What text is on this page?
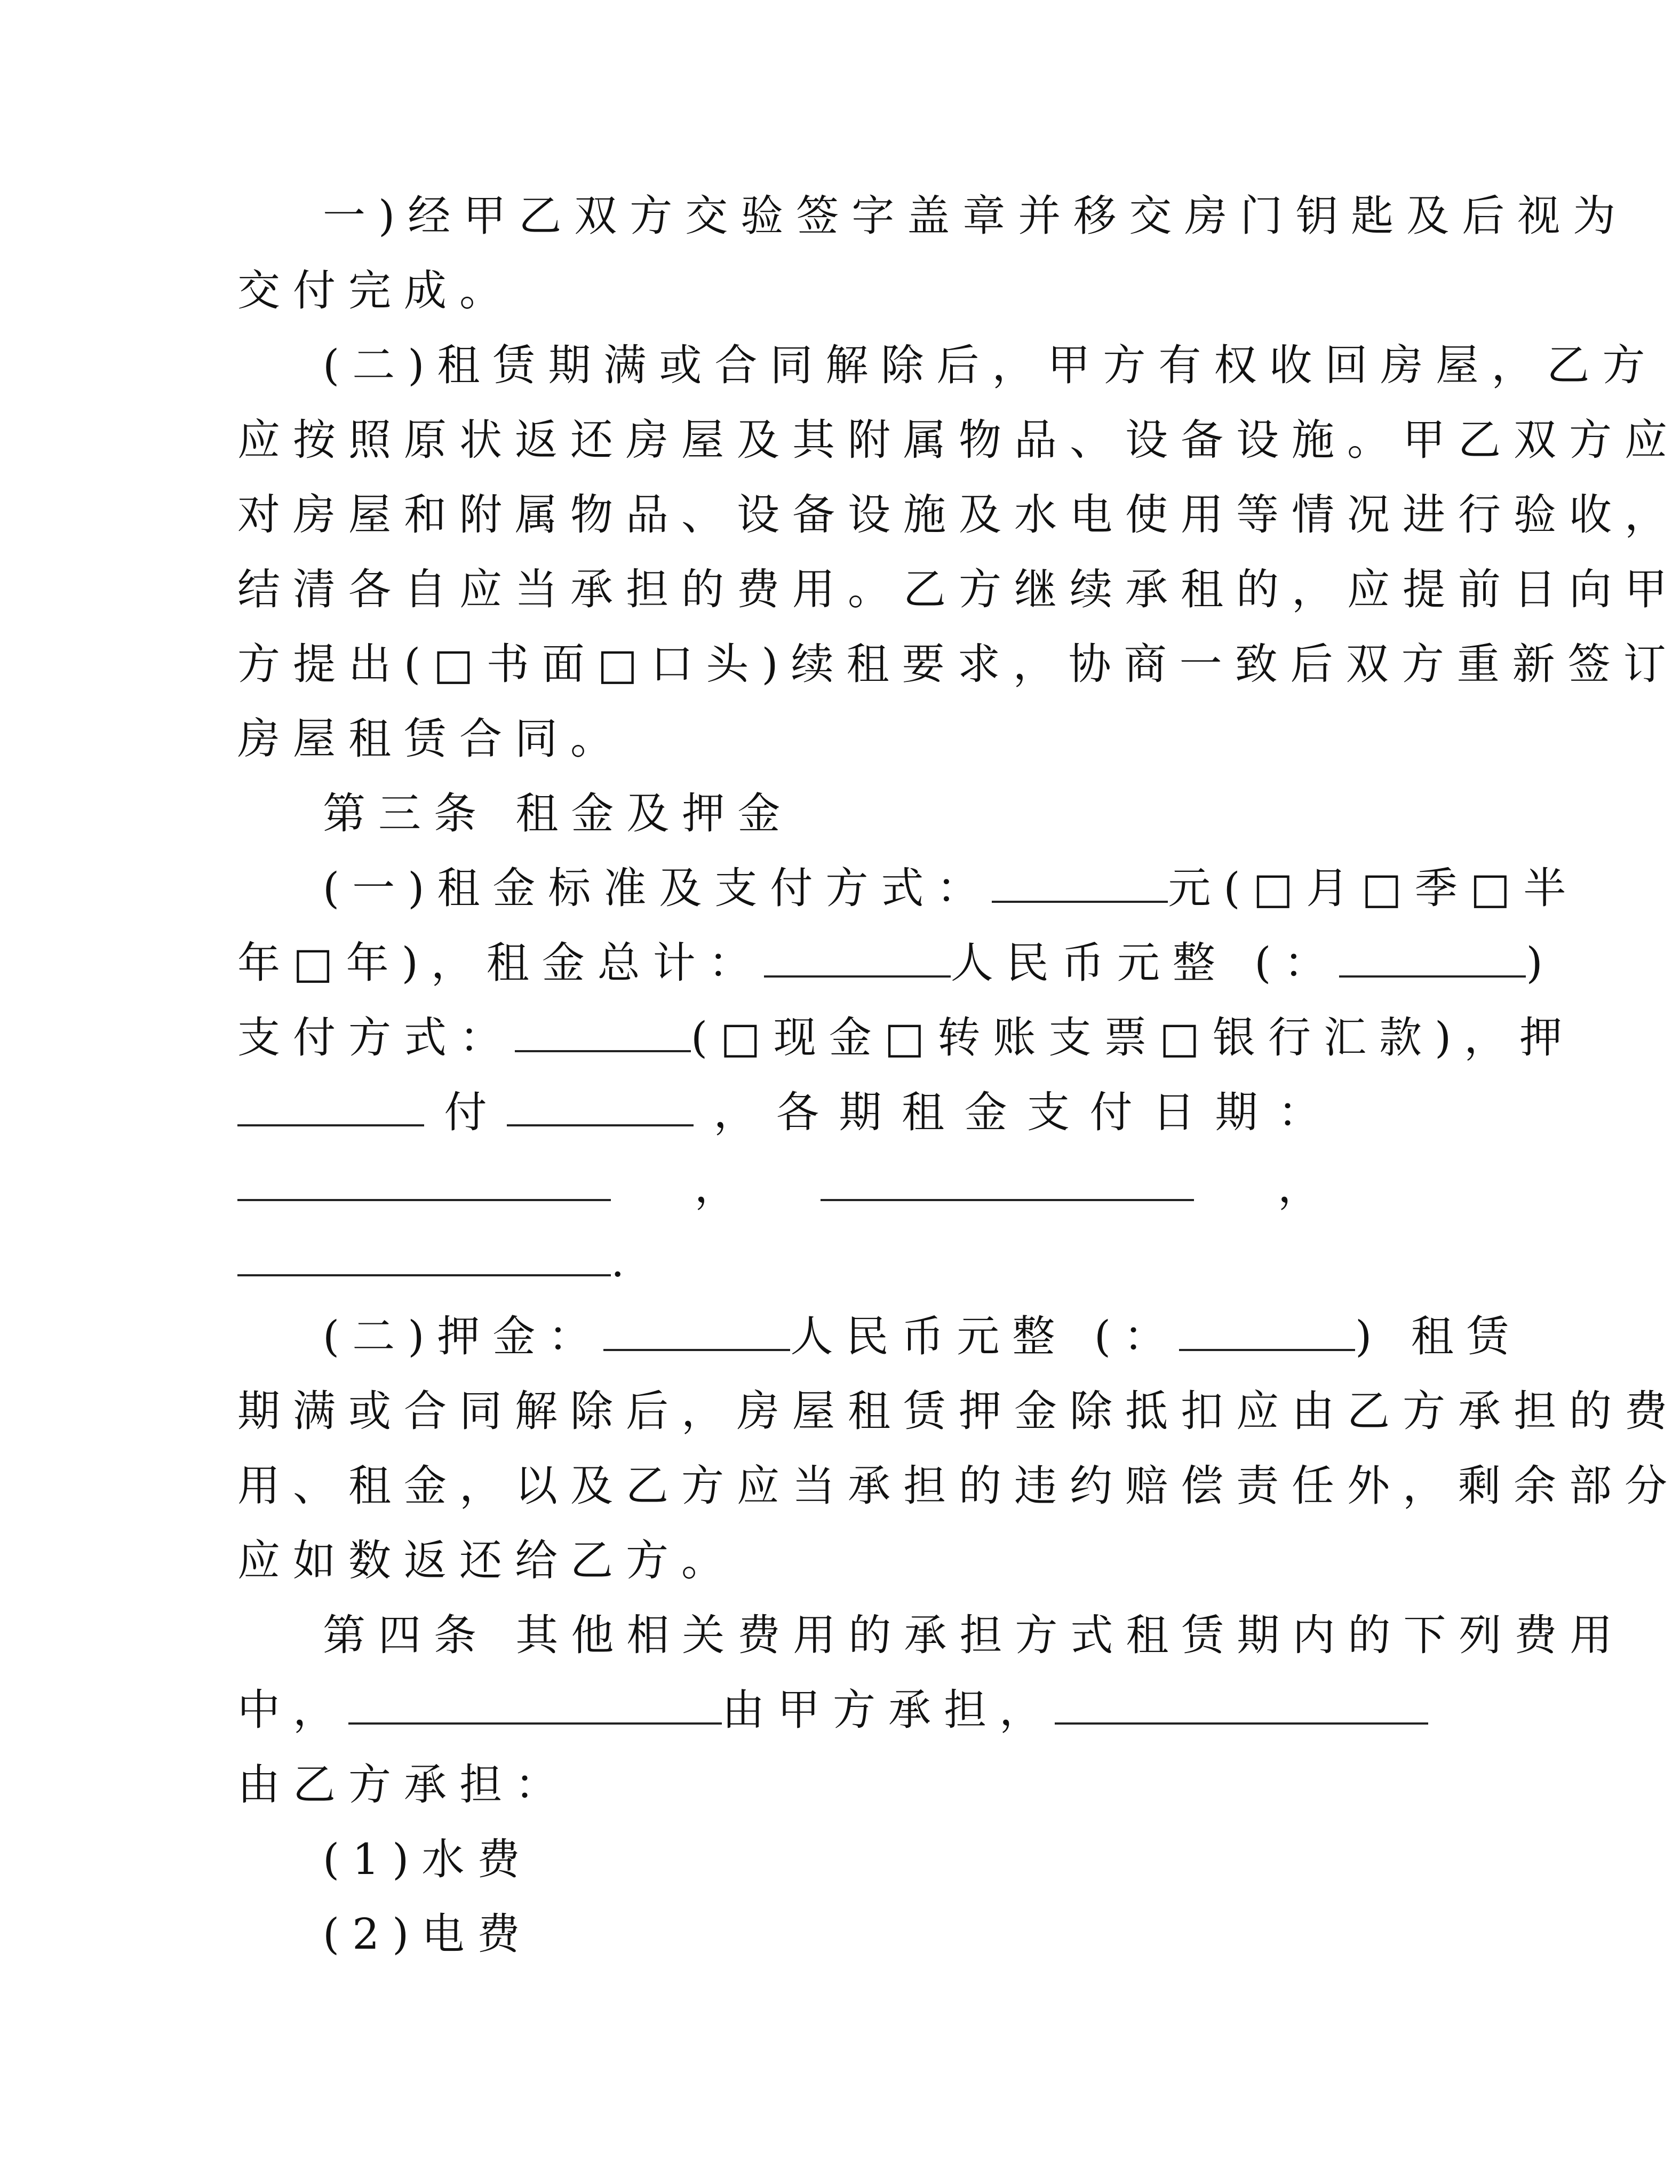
一)经甲乙双方交验签字盖章并移交房门钥匙及后视为
交付完成。
(二)租赁期满或合同解除后，甲方有权收回房屋，乙方
应按照原状返还房屋及其附属物品、设备设施。甲乙双方应
对房屋和附属物品、设备设施及水电使用等情况进行验收，
结清各自应当承担的费用。乙方继续承租的，应提前日向甲
方提出(□书面□口头)续租要求，协商一致后双方重新签订
房屋租赁合同。
第三条 租金及押金
(一)租金标准及支付方式：	元(□月□季□半
年□年)，租金总计：	人民币元整 (：	)
支付方式：	(□现金□转账支票□银行汇款)，押
付	， 各 期 租 金 支 付 日 期 ：
，	，
.
(二)押金：	人民币元整 (：	) 租赁
期满或合同解除后，房屋租赁押金除抵扣应由乙方承担的费
用、租金，以及乙方应当承担的违约赔偿责任外，剩余部分
应如数返还给乙方。
第四条 其他相关费用的承担方式租赁期内的下列费用
中，	由甲方承担，
由乙方承担：
(1)水费
(2)电费
